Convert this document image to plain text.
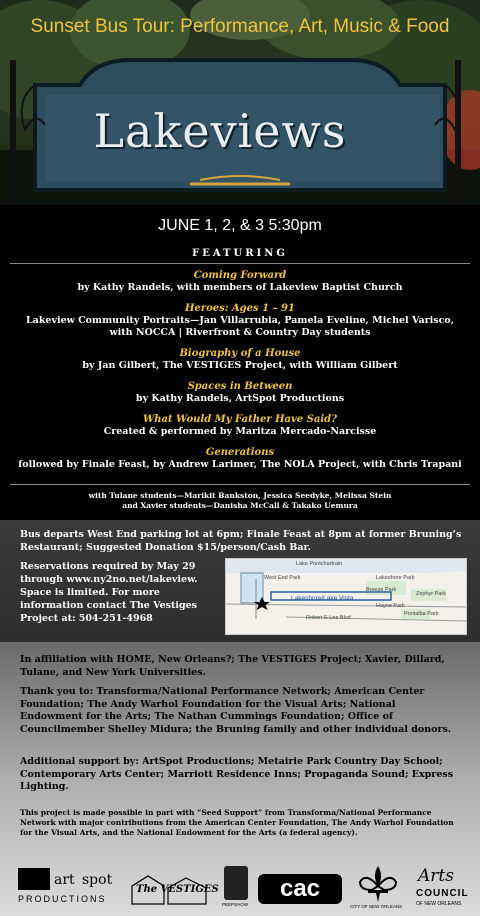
Sunset Bus Tour: Performance, Art, Music & Food
Lakeviews
JUNE 1, 2, & 3 5:30pm
FEATURING
Coming Forward
by Kathy Randels, with members of Lakeview Baptist Church
Heroes: Ages 1 – 91
Lakeview Community Portraits—Jan Villarrubia, Pamela Eveline, Michel Varisco,
with NOCCA | Riverfront & Country Day students
Biography of a House
by Jan Gilbert, The VESTIGES Project, with William Gilbert
Spaces in Between
by Kathy Randels, ArtSpot Productions
What Would My Father Have Said?
Created & performed by Maritza Mercado-Narcisse
Generations
followed by Finale Feast, by Andrew Larimer, The NOLA Project, with Chris Trapani
with Tulane students—Marikit Bankston, Jessica Seedyke, Melissa Stein
and Xavier students—Danisha McCall & Takako Uemura
Bus departs West End parking lot at 6pm; Finale Feast at 8pm at former Bruning’s Restaurant; Suggested Donation $15/person/Cash Bar.
Reservations required by May 29 through www.ny2no.net/lakeview. Space is limited. For more information contact The Vestiges Project at: 504-251-4968
Lake Pontchartrain
West End Park	Lakeshore Park
Breeze Park
Zephyr Park
Lakeshore/Lake Vista
Hayne Park
Pontalba Park
Robert E Lee Blvd
In affiliation with HOME, New Orleans?; The VESTIGES Project; Xavier, Dillard, Tulane, and New York Universities.
Thank you to: Transforma/National Performance Network; American Center Foundation; The Andy Warhol Foundation for the Visual Arts; National Endowment for the Arts; The Nathan Cummings Foundation; Office of Councilmember Shelley Midura; the Bruning family and other individual donors.
Additional support by: ArtSpot Productions; Metairie Park Country Day School; Contemporary Arts Center; Marriott Residence Inns; Propaganda Sound; Express Lighting.
This project is made possible in part with “Seed Support” from Transforma/National Performance Network with major contributions from the American Center Foundation, The Andy Warhol Foundation for the Visual Arts, and the National Endowment for the Arts (a federal agency).
art spot
PRODUCTIONS
The VESTIGES
PEEPSHOW
cac
CITY OF NEW ORLEANS
Arts
COUNCIL
OF NEW ORLEANS
